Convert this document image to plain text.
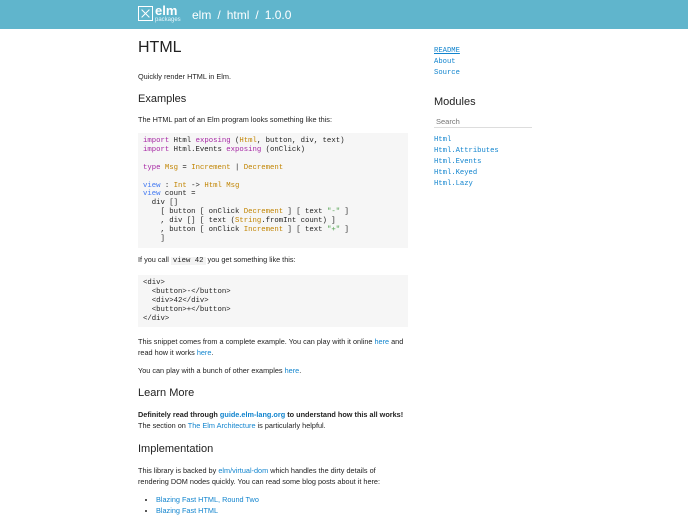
elm
packages elm / html / 1.0.0
HTML

Quickly render HTML in Elm.

Examples

The HTML part of an Elm program looks something like this:

import Html exposing (Html, button, div, text)
import Html.Events exposing (onClick)

type Msg = Increment | Decrement

view : Int -> Html Msg
view count =
div []
[ button [ onClick Decrement ] [ text "-" ]
, div [] [ text (String.fromInt count) ]
, button [ onClick Increment ] [ text "+" ]
]

If you call view 42 you get something like this:

<div>
<button>-</button>
<div>42</div>
<button>+</button>
</div>

This snippet comes from a complete example. You can play with it online here and read how it works here.

You can play with a bunch of other examples here.

Learn More

Definitely read through guide.elm-lang.org to understand how this all works! The section on The Elm Architecture is particularly helpful.

Implementation

This library is backed by elm/virtual-dom which handles the dirty details of rendering DOM nodes quickly. You can read some blog posts about it here:

• Blazing Fast HTML, Round Two
• Blazing Fast HTML
README
About
Source
Modules
Search
Html
Html.Attributes
Html.Events
Html.Keyed
Html.Lazy
